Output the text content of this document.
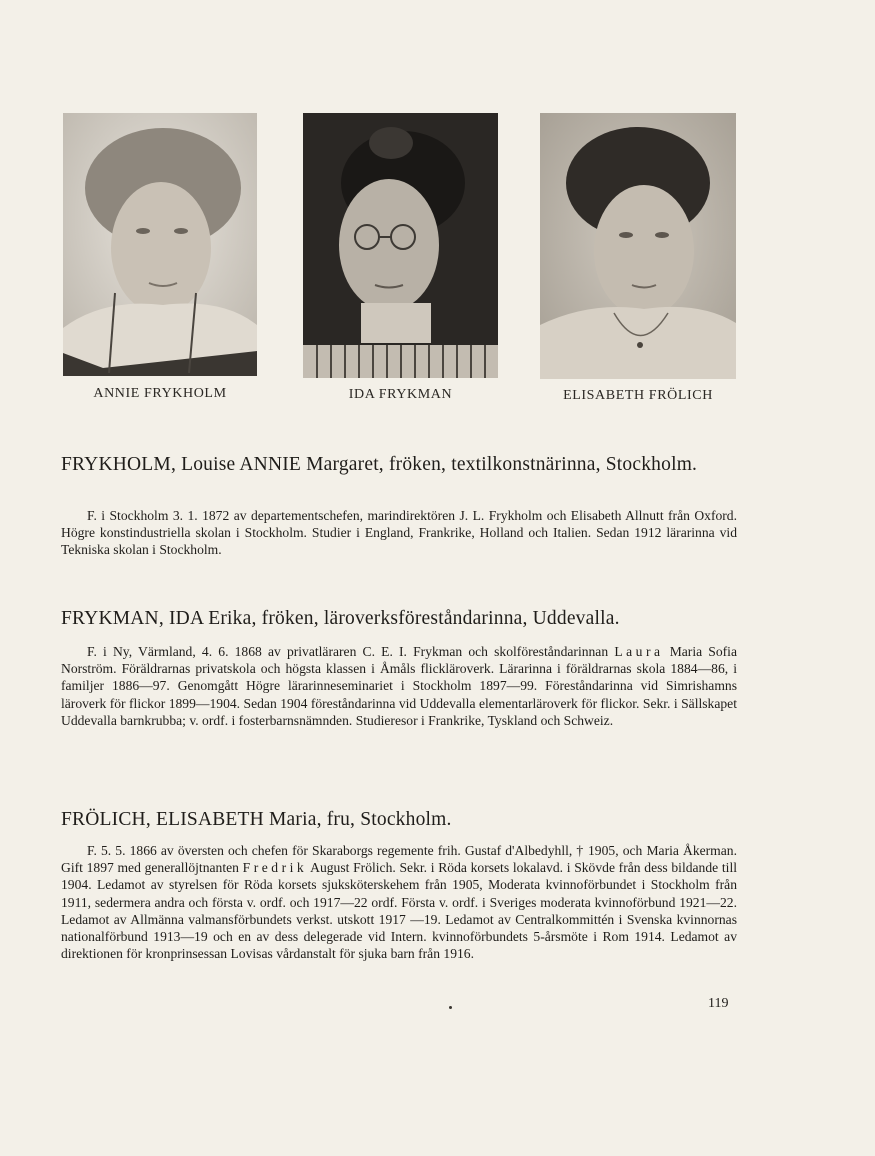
ANNIE FRYKHOLM	IDA FRYKMAN	ELISABETH FRÖLICH
FRYKHOLM, Louise ANNIE Margaret, fröken, textilkonstnärinna, Stockholm.

F. i Stockholm 3. 1. 1872 av departementschefen, marindirektören J. L. Frykholm och Elisabeth Allnutt från Oxford. Högre konstindustriella skolan i Stockholm. Studier i England, Frankrike, Holland och Italien. Sedan 1912 lärarinna vid Tekniska skolan i Stockholm.

FRYKMAN, IDA Erika, fröken, läroverksföreståndarinna, Uddevalla.

F. i Ny, Värmland, 4. 6. 1868 av privatläraren C. E. I. Frykman och skolföreståndarinnan Laura Maria Sofia Norström. Föräldrarnas privatskola och högsta klassen i Åmåls flickläroverk. Lärarinna i föräldrarnas skola 1884—86, i familjer 1886—97. Genomgått Högre lärarinneseminariet i Stockholm 1897—99. Föreståndarinna vid Simrishamns läroverk för flickor 1899—1904. Sedan 1904 föreståndarinna vid Uddevalla elementarläroverk för flickor. Sekr. i Sällskapet Uddevalla barnkrubba; v. ordf. i fosterbarnsnämnden. Studieresor i Frankrike, Tyskland och Schweiz.

FRÖLICH, ELISABETH Maria, fru, Stockholm.

F. 5. 5. 1866 av översten och chefen för Skaraborgs regemente frih. Gustaf d'Albedyhll, † 1905, och Maria Åkerman. Gift 1897 med generallöjtnanten Fredrik August Frölich. Sekr. i Röda korsets lokalavd. i Skövde från dess bildande till 1904. Ledamot av styrelsen för Röda korsets sjuksköterskehem från 1905, Moderata kvinnoförbundet i Stockholm från 1911, sedermera andra och första v. ordf. och 1917—22 ordf. Första v. ordf. i Sveriges moderata kvinnoförbund 1921—22. Ledamot av Allmänna valmansförbundets verkst. utskott 1917 —19. Ledamot av Centralkommittén i Svenska kvinnornas nationalförbund 1913—19 och en av dess delegerade vid Intern. kvinnoförbundets 5-årsmöte i Rom 1914. Ledamot av direktionen för kronprinsessan Lovisas vårdanstalt för sjuka barn från 1916.

119
